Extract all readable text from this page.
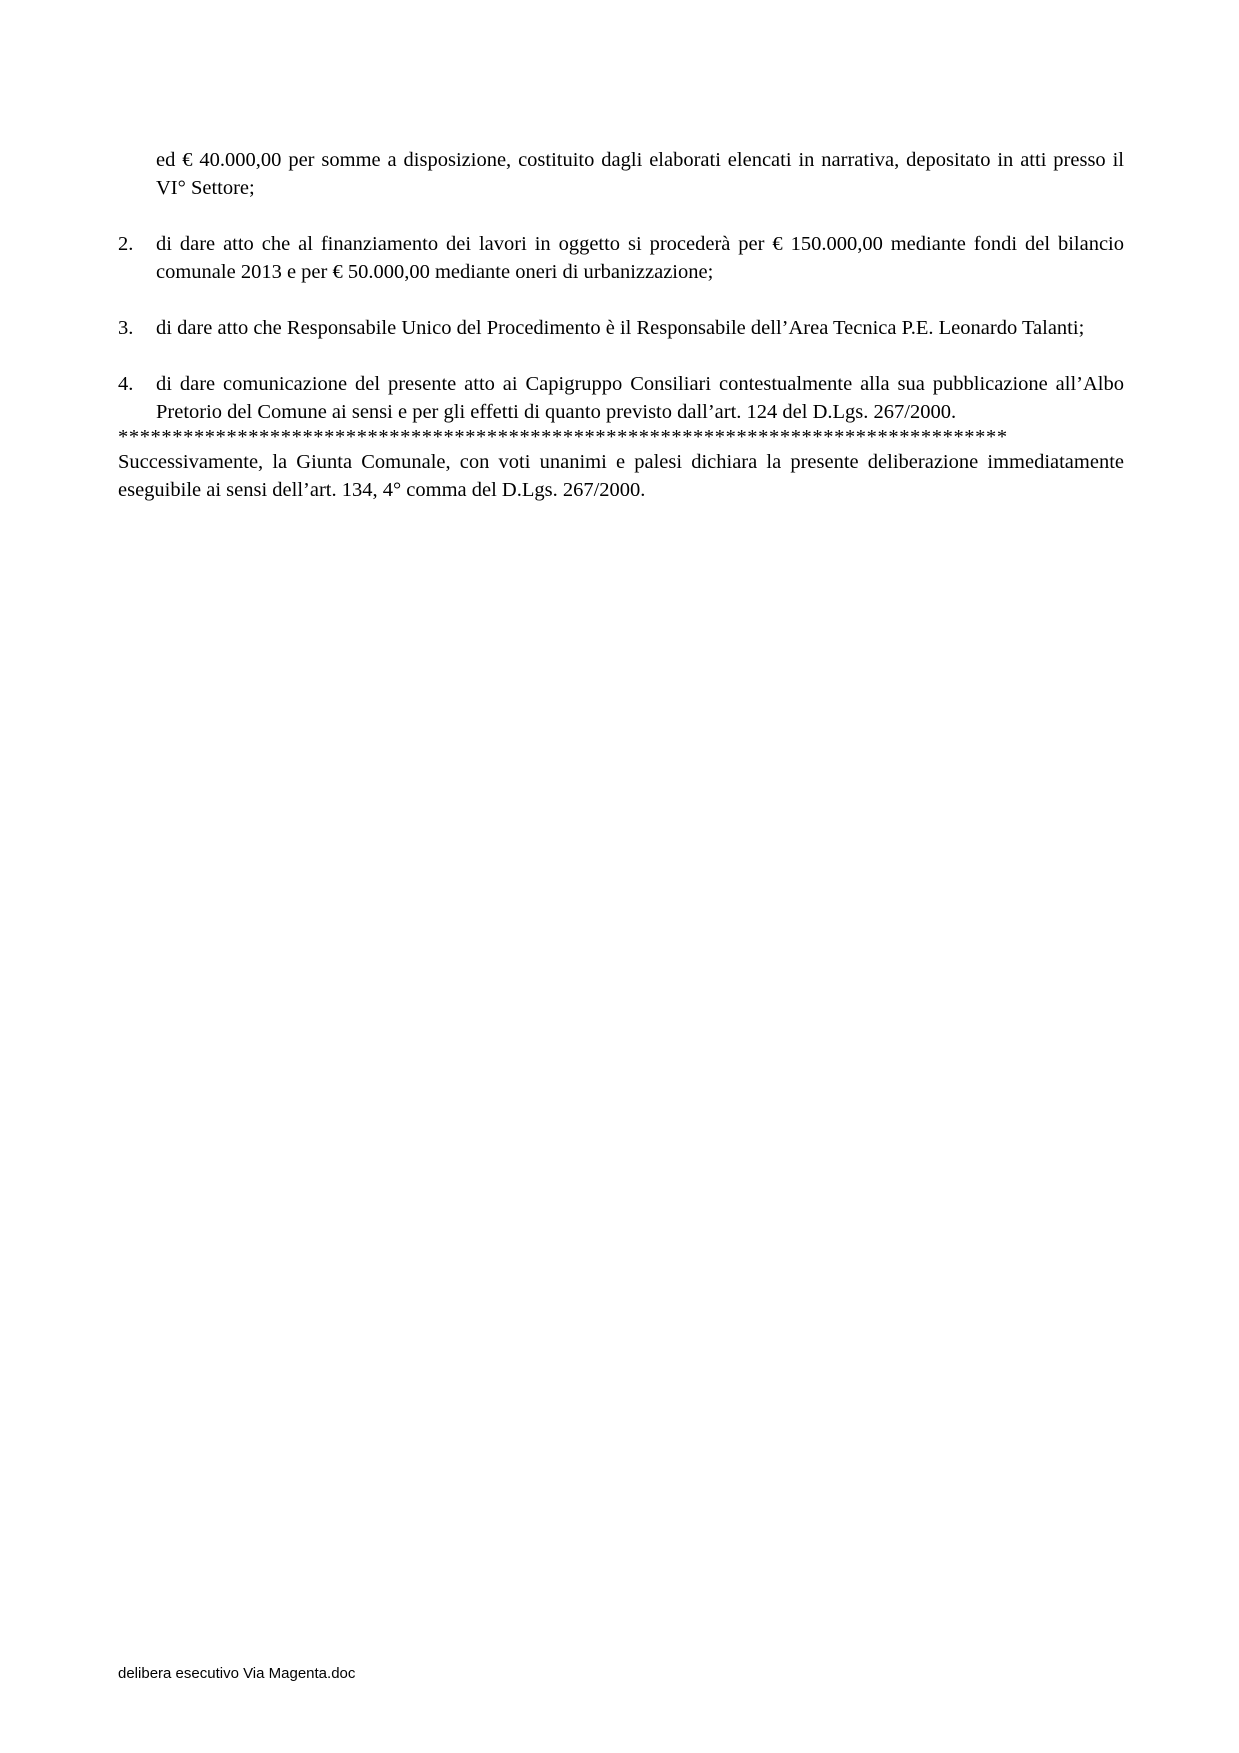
ed € 40.000,00 per somme a disposizione, costituito dagli elaborati elencati in narrativa, depositato in atti presso il VI° Settore;

2. di dare atto che al finanziamento dei lavori in oggetto si procederà per € 150.000,00 mediante fondi del bilancio comunale 2013 e per € 50.000,00 mediante oneri di urbanizzazione;

3. di dare atto che Responsabile Unico del Procedimento è il Responsabile dell’Area Tecnica P.E. Leonardo Talanti;

4. di dare comunicazione del presente atto ai Capigruppo Consiliari contestualmente alla sua pubblicazione all’Albo Pretorio del Comune ai sensi e per gli effetti di quanto previsto dall’art. 124 del D.Lgs. 267/2000.

**********************************************************************************

Successivamente, la Giunta Comunale, con voti unanimi e palesi dichiara la presente deliberazione immediatamente eseguibile ai sensi dell’art. 134, 4° comma del D.Lgs. 267/2000.

delibera esecutivo Via Magenta.doc
